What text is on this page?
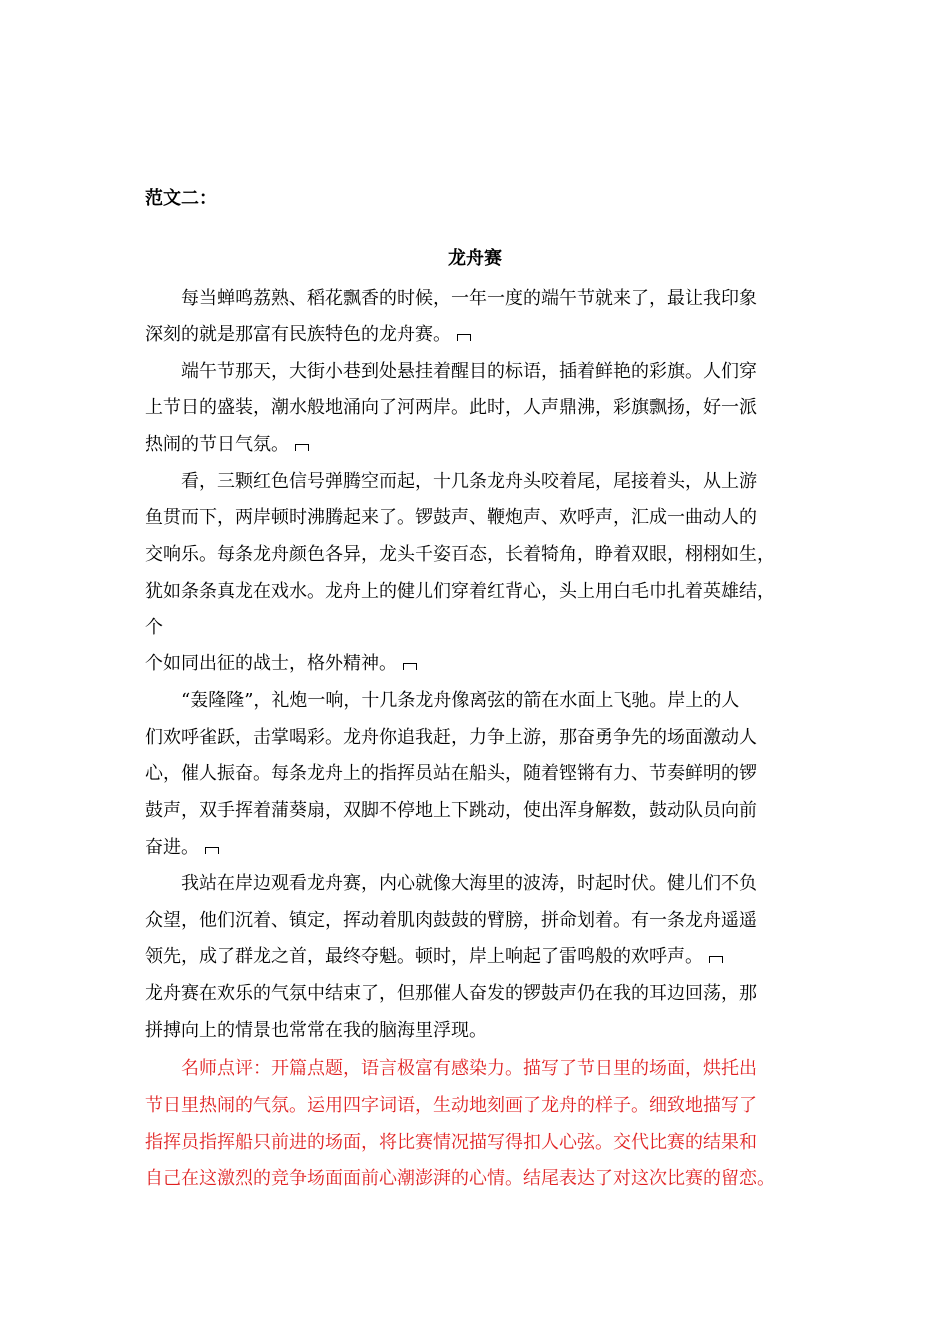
范文二：
龙舟赛
每当蝉鸣荔熟、稻花飘香的时候，一年一度的端午节就来了，最让我印象
深刻的就是那富有民族特色的龙舟赛。
端午节那天，大街小巷到处悬挂着醒目的标语，插着鲜艳的彩旗。人们穿
上节日的盛装，潮水般地涌向了河两岸。此时，人声鼎沸，彩旗飘扬，好一派
热闹的节日气氛。
看，三颗红色信号弹腾空而起，十几条龙舟头咬着尾，尾接着头，从上游
鱼贯而下，两岸顿时沸腾起来了。锣鼓声、鞭炮声、欢呼声，汇成一曲动人的
交响乐。每条龙舟颜色各异，龙头千姿百态，长着犄角，睁着双眼，栩栩如生，
犹如条条真龙在戏水。龙舟上的健儿们穿着红背心，头上用白毛巾扎着英雄结，
个
个如同出征的战士，格外精神。
“轰隆隆”，礼炮一响，十几条龙舟像离弦的箭在水面上飞驰。岸上的人
们欢呼雀跃，击掌喝彩。龙舟你追我赶，力争上游，那奋勇争先的场面激动人
心，催人振奋。每条龙舟上的指挥员站在船头，随着铿锵有力、节奏鲜明的锣
鼓声，双手挥着蒲葵扇，双脚不停地上下跳动，使出浑身解数，鼓动队员向前
奋进。
我站在岸边观看龙舟赛，内心就像大海里的波涛，时起时伏。健儿们不负
众望，他们沉着、镇定，挥动着肌肉鼓鼓的臂膀，拼命划着。有一条龙舟遥遥
领先，成了群龙之首，最终夺魁。顿时，岸上响起了雷鸣般的欢呼声。
龙舟赛在欢乐的气氛中结束了，但那催人奋发的锣鼓声仍在我的耳边回荡，那
拼搏向上的情景也常常在我的脑海里浮现。
名师点评：开篇点题，语言极富有感染力。描写了节日里的场面，烘托出
节日里热闹的气氛。运用四字词语，生动地刻画了龙舟的样子。细致地描写了
指挥员指挥船只前进的场面，将比赛情况描写得扣人心弦。交代比赛的结果和
自己在这激烈的竞争场面面前心潮澎湃的心情。结尾表达了对这次比赛的留恋。
